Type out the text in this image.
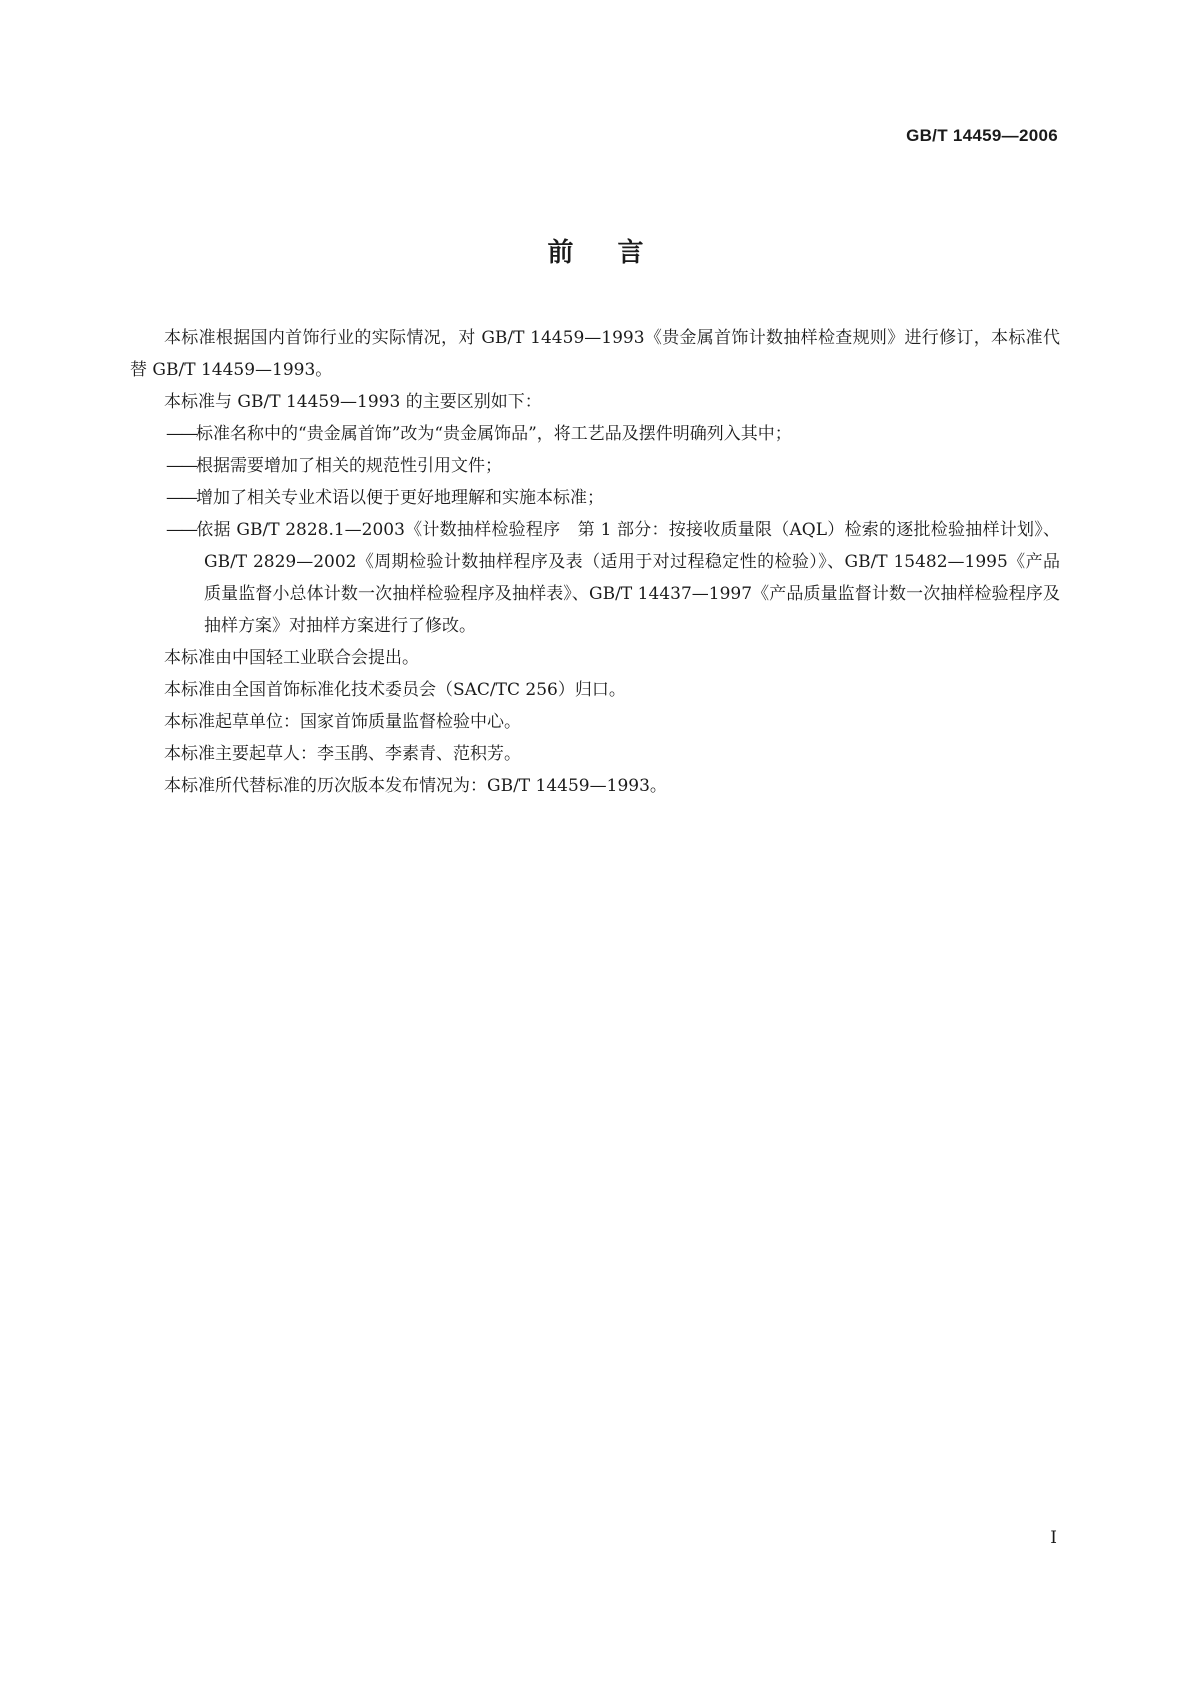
GB/T 14459—2006
前言

本标准根据国内首饰行业的实际情况，对 GB/T 14459—1993《贵金属首饰计数抽样检查规则》进行修订，本标准代替 GB/T 14459—1993。

本标准与 GB/T 14459—1993 的主要区别如下：

——标准名称中的“贵金属首饰”改为“贵金属饰品”，将工艺品及摆件明确列入其中；

——根据需要增加了相关的规范性引用文件；

——增加了相关专业术语以便于更好地理解和实施本标准；

——依据 GB/T 2828.1—2003《计数抽样检验程序　第 1 部分：按接收质量限（AQL）检索的逐批检验抽样计划》、GB/T 2829—2002《周期检验计数抽样程序及表（适用于对过程稳定性的检验）》、GB/T 15482—1995《产品质量监督小总体计数一次抽样检验程序及抽样表》、GB/T 14437—1997《产品质量监督计数一次抽样检验程序及抽样方案》对抽样方案进行了修改。

本标准由中国轻工业联合会提出。

本标准由全国首饰标准化技术委员会（SAC/TC 256）归口。

本标准起草单位：国家首饰质量监督检验中心。

本标准主要起草人：李玉鹃、李素青、范积芳。

本标准所代替标准的历次版本发布情况为：GB/T 14459—1993。

I
